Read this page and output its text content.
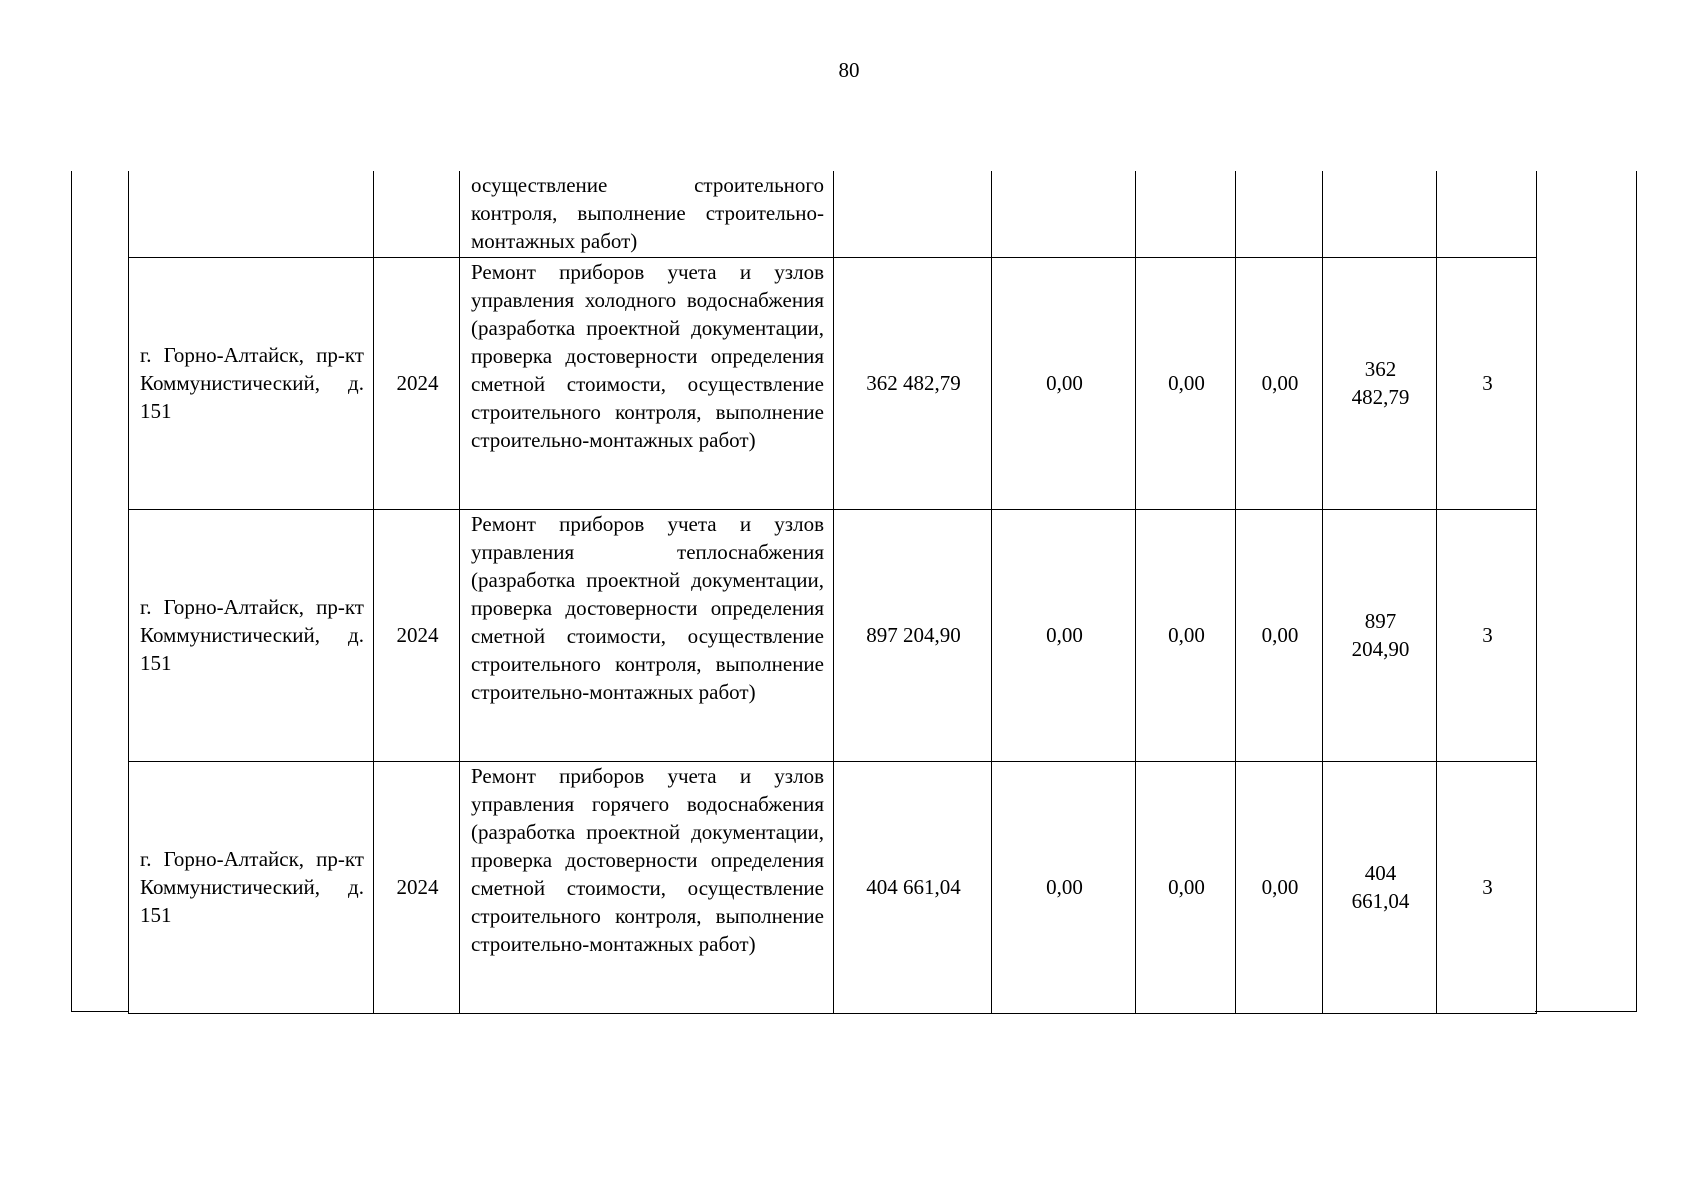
80
		осуществление строительного контроля, выполнение строительно-монтажных работ)						
г. Горно-Алтайск, пр-кт Коммунистический, д. 151	2024	Ремонт приборов учета и узлов управления холодного водоснабжения (разработка проектной документации, проверка достоверности определения сметной стоимости, осуществление строительного контроля, выполнение строительно-монтажных работ)	362 482,79	0,00	0,00	0,00	362 482,79	3
г. Горно-Алтайск, пр-кт Коммунистический, д. 151	2024	Ремонт приборов учета и узлов управления теплоснабжения (разработка проектной документации, проверка достоверности определения сметной стоимости, осуществление строительного контроля, выполнение строительно-монтажных работ)	897 204,90	0,00	0,00	0,00	897 204,90	3
г. Горно-Алтайск, пр-кт Коммунистический, д. 151	2024	Ремонт приборов учета и узлов управления горячего водоснабжения (разработка проектной документации, проверка достоверности определения сметной стоимости, осуществление строительного контроля, выполнение строительно-монтажных работ)	404 661,04	0,00	0,00	0,00	404 661,04	3
